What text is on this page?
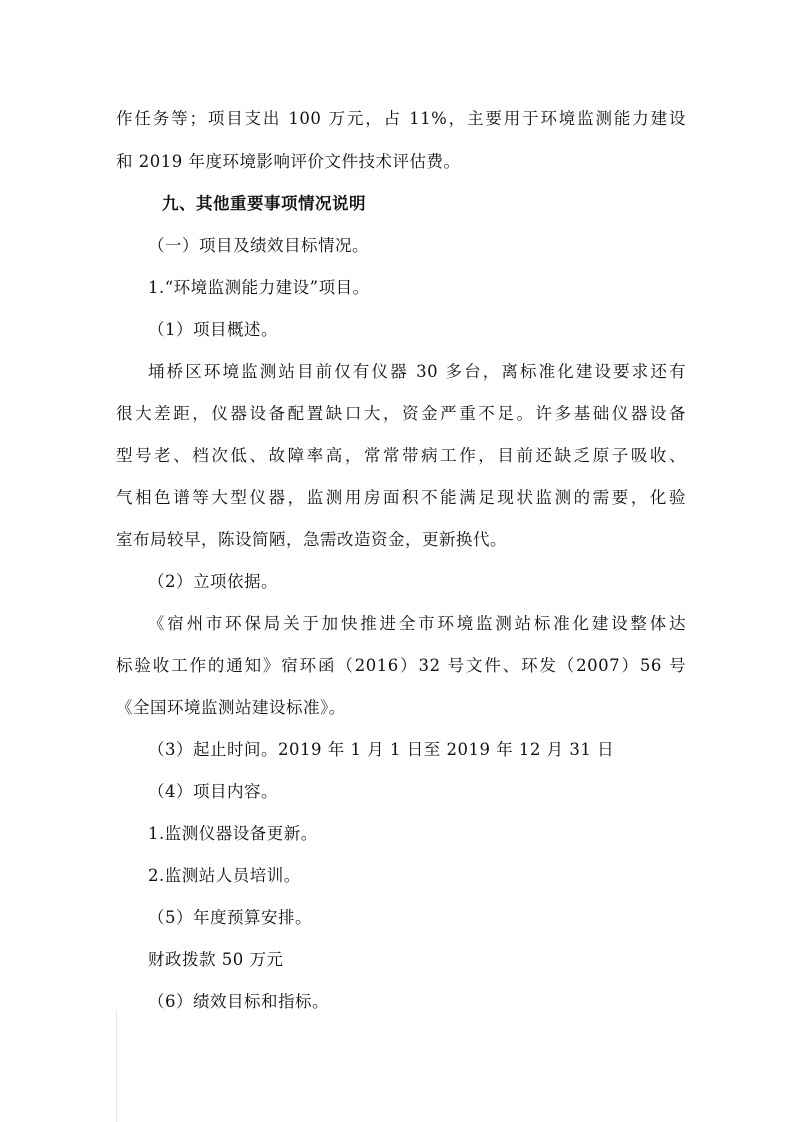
作任务等；项目支出 100 万元，占 11%，主要用于环境监测能力建设
和 2019 年度环境影响评价文件技术评估费。
九、其他重要事项情况说明
（一）项目及绩效目标情况。
1.“环境监测能力建设”项目。
（1）项目概述。
埇桥区环境监测站目前仅有仪器 30 多台，离标准化建设要求还有
很大差距，仪器设备配置缺口大，资金严重不足。许多基础仪器设备
型号老、档次低、故障率高，常常带病工作，目前还缺乏原子吸收、
气相色谱等大型仪器，监测用房面积不能满足现状监测的需要，化验
室布局较早，陈设简陋，急需改造资金，更新换代。
（2）立项依据。
《宿州市环保局关于加快推进全市环境监测站标准化建设整体达
标验收工作的通知》宿环函（2016）32 号文件、环发（2007）56 号
《全国环境监测站建设标准》。
（3）起止时间。2019 年 1 月 1 日至 2019 年 12 月 31 日
（4）项目内容。
1.监测仪器设备更新。
2.监测站人员培训。
（5）年度预算安排。
财政拨款 50 万元
（6）绩效目标和指标。
